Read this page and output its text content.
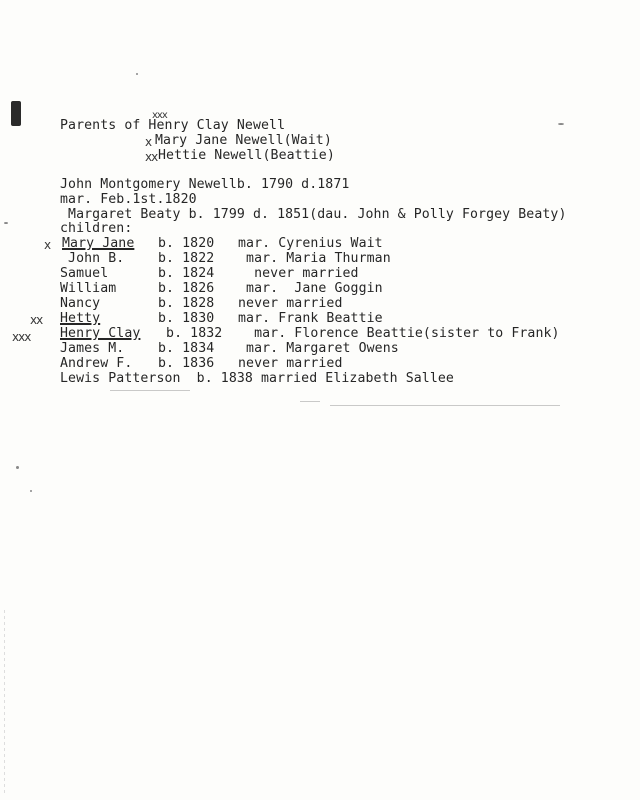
xxx
Parents of Henry Clay Newell
x Mary Jane Newell(Wait)
xx Hettie Newell(Beattie)
John Montgomery Newellb. 1790 d.1871
mar. Feb.1st.1820
Margaret Beaty b. 1799 d. 1851(dau. John & Polly Forgey Beaty)
children:
x
xx
xxx
Mary Jane b. 1820 mar. Cyrenius Wait
John B.	b. 1822 mar. Maria Thurman
Samuel	b. 1824 never married
William	b. 1826 mar.  Jane Goggin
Nancy	b. 1828 never married
Hetty	b. 1830 mar. Frank Beattie
Henry Clay b. 1832 mar. Florence Beattie(sister to Frank)
James M.	b. 1834 mar. Margaret Owens
Andrew F. b. 1836 never married
Lewis Patterson  b. 1838 married Elizabeth Sallee
